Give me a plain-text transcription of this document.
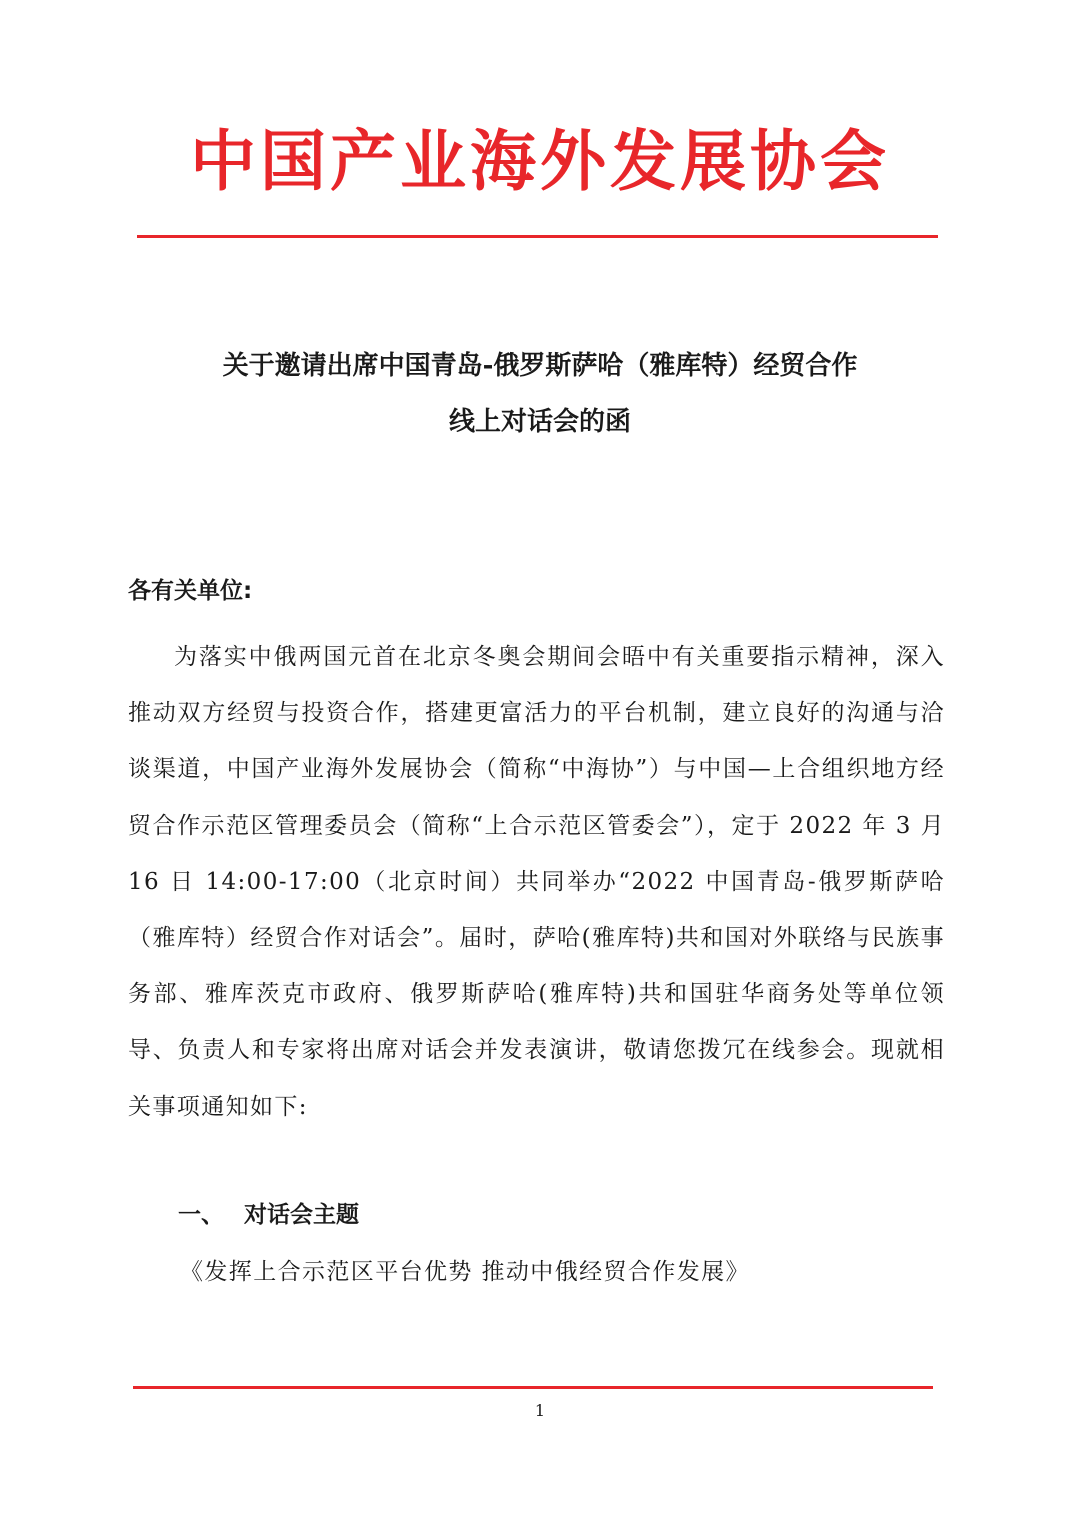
中国产业海外发展协会
关于邀请出席中国青岛-俄罗斯萨哈（雅库特）经贸合作
线上对话会的函
各有关单位:

为落实中俄两国元首在北京冬奥会期间会晤中有关重要指示精神，深入推动双方经贸与投资合作，搭建更富活力的平台机制，建立良好的沟通与洽谈渠道，中国产业海外发展协会（简称“中海协”）与中国—上合组织地方经贸合作示范区管理委员会（简称“上合示范区管委会”），定于 2022 年 3 月 16 日 14:00-17:00（北京时间）共同举办“2022 中国青岛-俄罗斯萨哈（雅库特）经贸合作对话会”。届时，萨哈(雅库特)共和国对外联络与民族事务部、雅库茨克市政府、俄罗斯萨哈(雅库特)共和国驻华商务处等单位领导、负责人和专家将出席对话会并发表演讲，敬请您拨冗在线参会。现就相关事项通知如下:

一、 对话会主题
《发挥上合示范区平台优势 推动中俄经贸合作发展》
1
